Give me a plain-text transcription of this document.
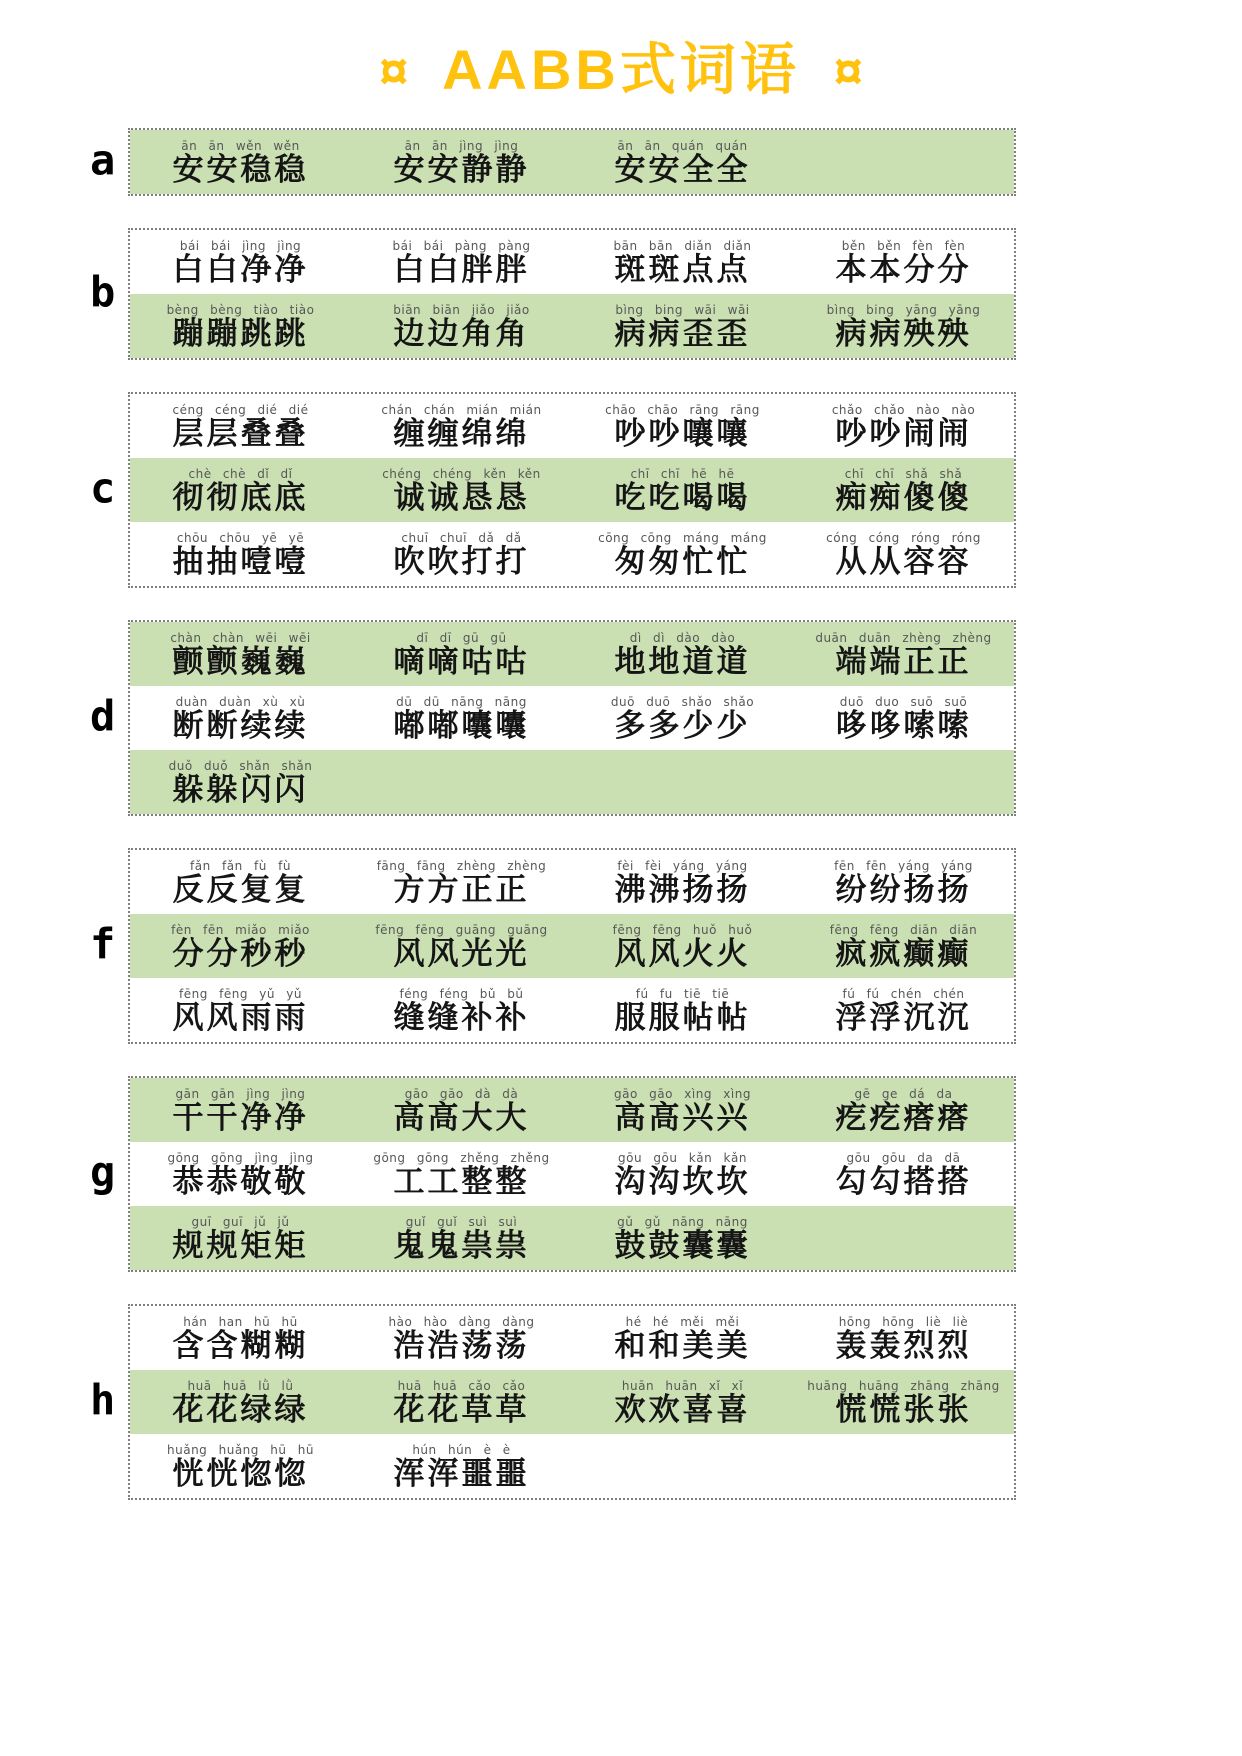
¤ AABB式词语 ¤
a	ān ān wěn wěn
安安稳稳
ān ān jìng jìng
安安静静
ān ān quán quán
安安全全
b
bái bái jìng jìng
白白净净
bái bái pàng pàng
白白胖胖
bān bān diǎn diǎn
斑斑点点
běn běn fèn fèn
本本分分
bèng bèng tiào tiào
蹦蹦跳跳
biān biān jiǎo jiǎo
边边角角
bìng bing wāi wāi
病病歪歪
bìng bing yāng yāng
病病殃殃
c
céng céng dié dié
层层叠叠
chán chán mián mián
缠缠绵绵
chāo chāo rāng rāng
吵吵嚷嚷
chǎo chǎo nào nào
吵吵闹闹
chè chè dǐ dǐ
彻彻底底
chéng chéng kěn kěn
诚诚恳恳
chī chī hē hē
吃吃喝喝
chī chī shǎ shǎ
痴痴傻傻
chōu chōu yē yē
抽抽噎噎
chuī chuī dǎ dǎ
吹吹打打
cōng cōng máng máng
匆匆忙忙
cóng cóng róng róng
从从容容
d
chàn chàn wēi wēi
颤颤巍巍
dī dī gū gū
嘀嘀咕咕
dì dì dào dào
地地道道
duān duān zhèng zhèng
端端正正
duàn duàn xù xù
断断续续
dū dū nāng nāng
嘟嘟囔囔
duō duō shǎo shǎo
多多少少
duō duo suō suō
哆哆嗦嗦
duǒ duǒ shǎn shǎn
躲躲闪闪
f
fǎn fǎn fù fù
反反复复
fāng fāng zhèng zhèng
方方正正
fèi fèi yáng yáng
沸沸扬扬
fēn fēn yáng yáng
纷纷扬扬
fèn fēn miǎo miǎo
分分秒秒
fēng fēng guāng guāng
风风光光
fēng fēng huǒ huǒ
风风火火
fēng fēng diān diān
疯疯癫癫
fēng fēng yǔ yǔ
风风雨雨
féng féng bǔ bǔ
缝缝补补
fú fu tiē tiē
服服帖帖
fú fú chén chén
浮浮沉沉
g
gān gān jìng jìng
干干净净
gāo gāo dà dà
高高大大
gāo gāo xìng xìng
高高兴兴
gē ge dá da
疙疙瘩瘩
gōng gōng jìng jìng
恭恭敬敬
gōng gōng zhěng zhěng
工工整整
gōu gōu kǎn kǎn
沟沟坎坎
gōu gōu da dā
勾勾搭搭
guī guī jǔ jǔ
规规矩矩
guǐ guǐ suì suì
鬼鬼祟祟
gǔ gǔ nāng nāng
鼓鼓囊囊
h
hán han hū hū
含含糊糊
hào hào dàng dàng
浩浩荡荡
hé hé měi měi
和和美美
hōng hōng liè liè
轰轰烈烈
huā huā lǜ lǜ
花花绿绿
huā huā cǎo cǎo
花花草草
huān huān xǐ xǐ
欢欢喜喜
huāng huāng zhāng zhāng
慌慌张张
huǎng huǎng hū hū
恍恍惚惚
hún hún è è
浑浑噩噩
